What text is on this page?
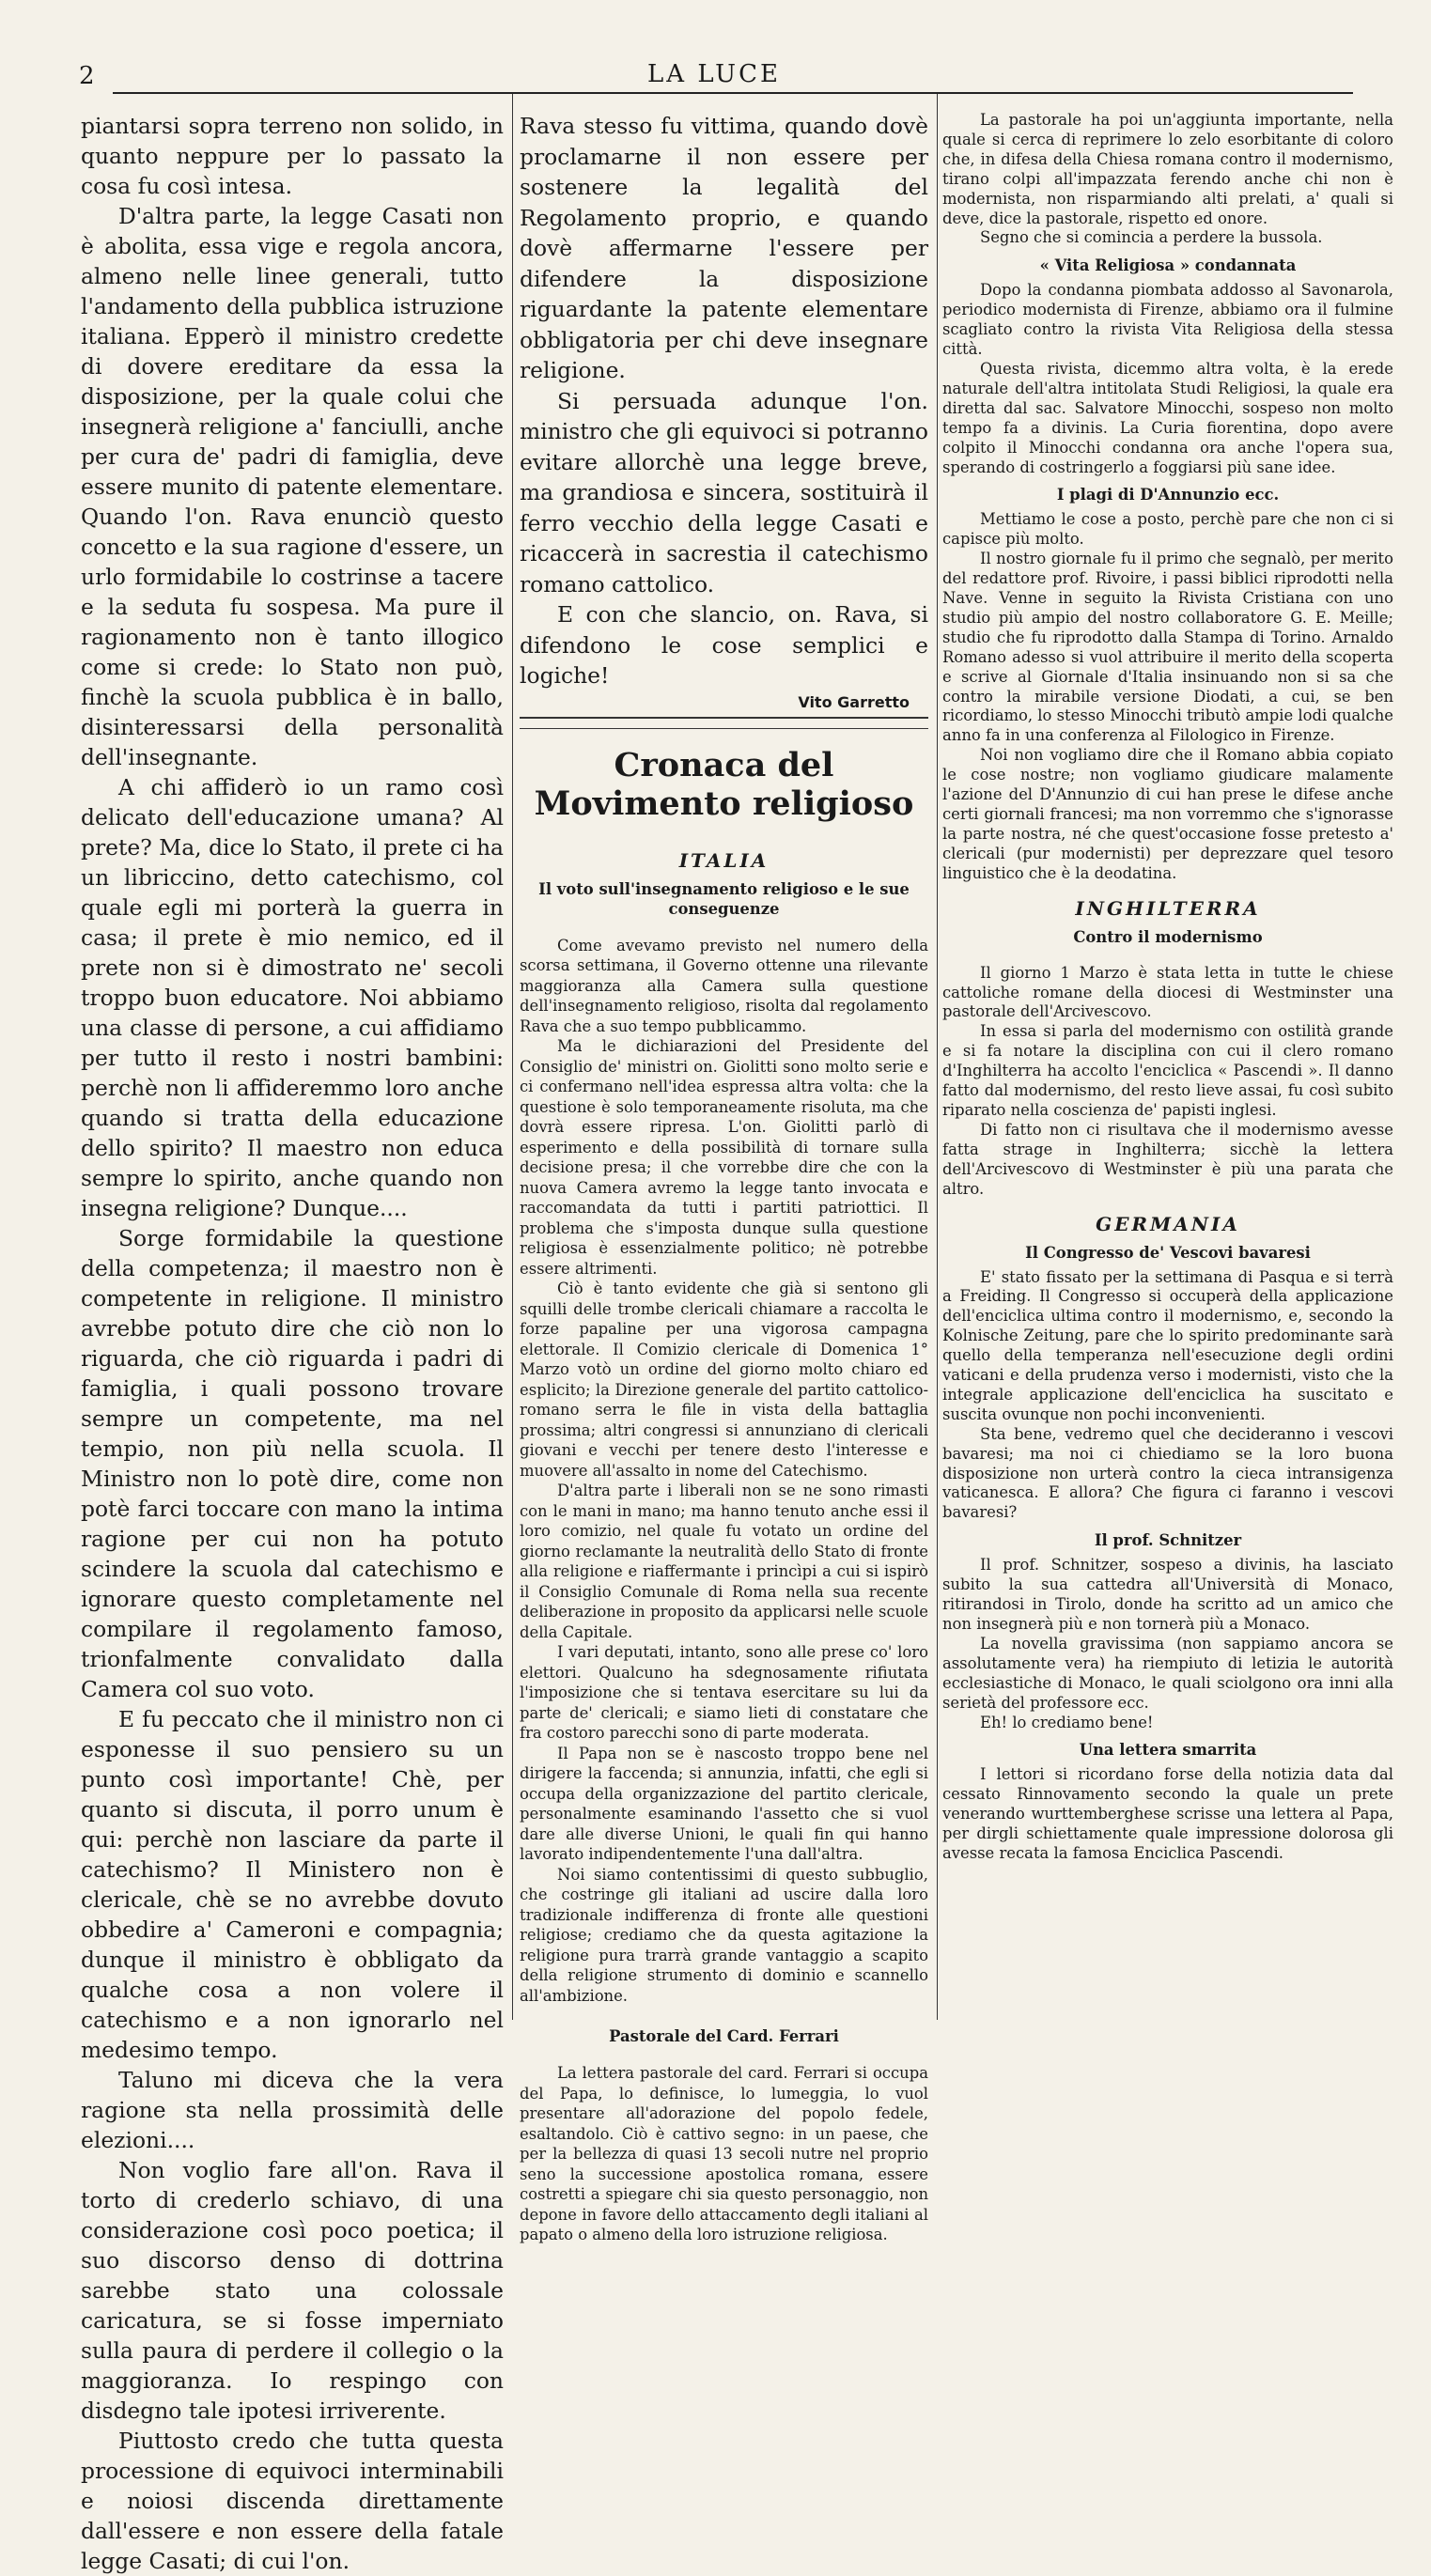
2	LA LUCE

piantarsi sopra terreno non solido, in quanto neppure per lo passato la cosa fu così intesa.

D'altra parte, la legge Casati non è abolita, essa vige e regola ancora, almeno nelle linee generali, tutto l'andamento della pubblica istruzione italiana. Epperò il ministro credette di dovere ereditare da essa la disposizione, per la quale colui che insegnerà religione a' fanciulli, anche per cura de' padri di famiglia, deve essere munito di patente elementare. Quando l'on. Rava enunciò questo concetto e la sua ragione d'essere, un urlo formidabile lo costrinse a tacere e la seduta fu sospesa. Ma pure il ragionamento non è tanto illogico come si crede: lo Stato non può, finchè la scuola pubblica è in ballo, disinteressarsi della personalità dell'insegnante.

A chi affiderò io un ramo così delicato dell'educazione umana? Al prete? Ma, dice lo Stato, il prete ci ha un libriccino, detto catechismo, col quale egli mi porterà la guerra in casa; il prete è mio nemico, ed il prete non si è dimostrato ne' secoli troppo buon educatore. Noi abbiamo una classe di persone, a cui affidiamo per tutto il resto i nostri bambini: perchè non li affideremmo loro anche quando si tratta della educazione dello spirito? Il maestro non educa sempre lo spirito, anche quando non insegna religione? Dunque....

Sorge formidabile la questione della competenza; il maestro non è competente in religione. Il ministro avrebbe potuto dire che ciò non lo riguarda, che ciò riguarda i padri di famiglia, i quali possono trovare sempre un competente, ma nel tempio, non più nella scuola. Il Ministro non lo potè dire, come non potè farci toccare con mano la intima ragione per cui non ha potuto scindere la scuola dal catechismo e ignorare questo completamente nel compilare il regolamento famoso, trionfalmente convalidato dalla Camera col suo voto.

E fu peccato che il ministro non ci esponesse il suo pensiero su un punto così importante! Chè, per quanto si discuta, il porro unum è qui: perchè non lasciare da parte il catechismo? Il Ministero non è clericale, chè se no avrebbe dovuto obbedire a' Cameroni e compagnia; dunque il ministro è obbligato da qualche cosa a non volere il catechismo e a non ignorarlo nel medesimo tempo.

Taluno mi diceva che la vera ragione sta nella prossimità delle elezioni....

Non voglio fare all'on. Rava il torto di crederlo schiavo, di una considerazione così poco poetica; il suo discorso denso di dottrina sarebbe stato una colossale caricatura, se si fosse imperniato sulla paura di perdere il collegio o la maggioranza. Io respingo con disdegno tale ipotesi irriverente.

Piuttosto credo che tutta questa processione di equivoci interminabili e noiosi discenda direttamente dall'essere e non essere della fatale legge Casati; di cui l'on.

Rava stesso fu vittima, quando dovè proclamarne il non essere per sostenere la legalità del Regolamento proprio, e quando dovè affermarne l'essere per difendere la disposizione riguardante la patente elementare obbligatoria per chi deve insegnare religione.

Si persuada adunque l'on. ministro che gli equivoci si potranno evitare allorchè una legge breve, ma grandiosa e sincera, sostituirà il ferro vecchio della legge Casati e ricaccerà in sacrestia il catechismo romano cattolico.

E con che slancio, on. Rava, si difendono le cose semplici e logiche!

Vito Garretto
Cronaca del Movimento religioso
ITALIA
Il voto sull'insegnamento religioso e le sue conseguenze

Come avevamo previsto nel numero della scorsa settimana, il Governo ottenne una rilevante maggioranza alla Camera sulla questione dell'insegnamento religioso, risolta dal regolamento Rava che a suo tempo pubblicammo.

Ma le dichiarazioni del Presidente del Consiglio de' ministri on. Giolitti sono molto serie e ci confermano nell'idea espressa altra volta: che la questione è solo temporaneamente risoluta, ma che dovrà essere ripresa. L'on. Giolitti parlò di esperimento e della possibilità di tornare sulla decisione presa; il che vorrebbe dire che con la nuova Camera avremo la legge tanto invocata e raccomandata da tutti i partiti patriottici. Il problema che s'imposta dunque sulla questione religiosa è essenzialmente politico; nè potrebbe essere altrimenti.

Ciò è tanto evidente che già si sentono gli squilli delle trombe clericali chiamare a raccolta le forze papaline per una vigorosa campagna elettorale. Il Comizio clericale di Domenica 1° Marzo votò un ordine del giorno molto chiaro ed esplicito; la Direzione generale del partito cattolico-romano serra le file in vista della battaglia prossima; altri congressi si annunziano di clericali giovani e vecchi per tenere desto l'interesse e muovere all'assalto in nome del Catechismo.

D'altra parte i liberali non se ne sono rimasti con le mani in mano; ma hanno tenuto anche essi il loro comizio, nel quale fu votato un ordine del giorno reclamante la neutralità dello Stato di fronte alla religione e riaffermante i princìpi a cui si ispirò il Consiglio Comunale di Roma nella sua recente deliberazione in proposito da applicarsi nelle scuole della Capitale.

I vari deputati, intanto, sono alle prese co' loro elettori. Qualcuno ha sdegnosamente rifiutata l'imposizione che si tentava esercitare su lui da parte de' clericali; e siamo lieti di constatare che fra costoro parecchi sono di parte moderata.

Il Papa non se è nascosto troppo bene nel dirigere la faccenda; si annunzia, infatti, che egli si occupa della organizzazione del partito clericale, personalmente esaminando l'assetto che si vuol dare alle diverse Unioni, le quali fin qui hanno lavorato indipendentemente l'una dall'altra.

Noi siamo contentissimi di questo subbuglio, che costringe gli italiani ad uscire dalla loro tradizionale indifferenza di fronte alle questioni religiose; crediamo che da questa agitazione la religione pura trarrà grande vantaggio a scapito della religione strumento di dominio e scannello all'ambizione.

Pastorale del Card. Ferrari

La lettera pastorale del card. Ferrari si occupa del Papa, lo definisce, lo lumeggia, lo vuol presentare all'adorazione del popolo fedele, esaltandolo. Ciò è cattivo segno: in un paese, che per la bellezza di quasi 13 secoli nutre nel proprio seno la successione apostolica romana, essere costretti a spiegare chi sia questo personaggio, non depone in favore dello attaccamento degli italiani al papato o almeno della loro istruzione religiosa.

La pastorale ha poi un'aggiunta importante, nella quale si cerca di reprimere lo zelo esorbitante di coloro che, in difesa della Chiesa romana contro il modernismo, tirano colpi all'impazzata ferendo anche chi non è modernista, non risparmiando alti prelati, a' quali si deve, dice la pastorale, rispetto ed onore.

Segno che si comincia a perdere la bussola.

« Vita Religiosa » condannata

Dopo la condanna piombata addosso al Savonarola, periodico modernista di Firenze, abbiamo ora il fulmine scagliato contro la rivista Vita Religiosa della stessa città.

Questa rivista, dicemmo altra volta, è la erede naturale dell'altra intitolata Studi Religiosi, la quale era diretta dal sac. Salvatore Minocchi, sospeso non molto tempo fa a divinis. La Curia fiorentina, dopo avere colpito il Minocchi condanna ora anche l'opera sua, sperando di costringerlo a foggiarsi più sane idee.

I plagi di D'Annunzio ecc.

Mettiamo le cose a posto, perchè pare che non ci si capisce più molto.

Il nostro giornale fu il primo che segnalò, per merito del redattore prof. Rivoire, i passi biblici riprodotti nella Nave. Venne in seguito la Rivista Cristiana con uno studio più ampio del nostro collaboratore G. E. Meille; studio che fu riprodotto dalla Stampa di Torino. Arnaldo Romano adesso si vuol attribuire il merito della scoperta e scrive al Giornale d'Italia insinuando non si sa che contro la mirabile versione Diodati, a cui, se ben ricordiamo, lo stesso Minocchi tributò ampie lodi qualche anno fa in una conferenza al Filologico in Firenze.

Noi non vogliamo dire che il Romano abbia copiato le cose nostre; non vogliamo giudicare malamente l'azione del D'Annunzio di cui han prese le difese anche certi giornali francesi; ma non vorremmo che s'ignorasse la parte nostra, né che quest'occasione fosse pretesto a' clericali (pur modernisti) per deprezzare quel tesoro linguistico che è la deodatina.

INGHILTERRA
Contro il modernismo

Il giorno 1 Marzo è stata letta in tutte le chiese cattoliche romane della diocesi di Westminster una pastorale dell'Arcivescovo.

In essa si parla del modernismo con ostilità grande e si fa notare la disciplina con cui il clero romano d'Inghilterra ha accolto l'enciclica « Pascendi ». Il danno fatto dal modernismo, del resto lieve assai, fu così subito riparato nella coscienza de' papisti inglesi.

Di fatto non ci risultava che il modernismo avesse fatta strage in Inghilterra; sicchè la lettera dell'Arcivescovo di Westminster è più una parata che altro.

GERMANIA
Il Congresso de' Vescovi bavaresi

E' stato fissato per la settimana di Pasqua e si terrà a Freiding. Il Congresso si occuperà della applicazione dell'enciclica ultima contro il modernismo, e, secondo la Kolnische Zeitung, pare che lo spirito predominante sarà quello della temperanza nell'esecuzione degli ordini vaticani e della prudenza verso i modernisti, visto che la integrale applicazione dell'enciclica ha suscitato e suscita ovunque non pochi inconvenienti.

Sta bene, vedremo quel che decideranno i vescovi bavaresi; ma noi ci chiediamo se la loro buona disposizione non urterà contro la cieca intransigenza vaticanesca. E allora? Che figura ci faranno i vescovi bavaresi?

Il prof. Schnitzer

Il prof. Schnitzer, sospeso a divinis, ha lasciato subito la sua cattedra all'Università di Monaco, ritirandosi in Tirolo, donde ha scritto ad un amico che non insegnerà più e non tornerà più a Monaco.

La novella gravissima (non sappiamo ancora se assolutamente vera) ha riempiuto di letizia le autorità ecclesiastiche di Monaco, le quali sciolgono ora inni alla serietà del professore ecc.

Eh! lo crediamo bene!

Una lettera smarrita

I lettori si ricordano forse della notizia data dal cessato Rinnovamento secondo la quale un prete venerando wurttemberghese scrisse una lettera al Papa, per dirgli schiettamente quale impressione dolorosa gli avesse recata la famosa Enciclica Pascendi.
